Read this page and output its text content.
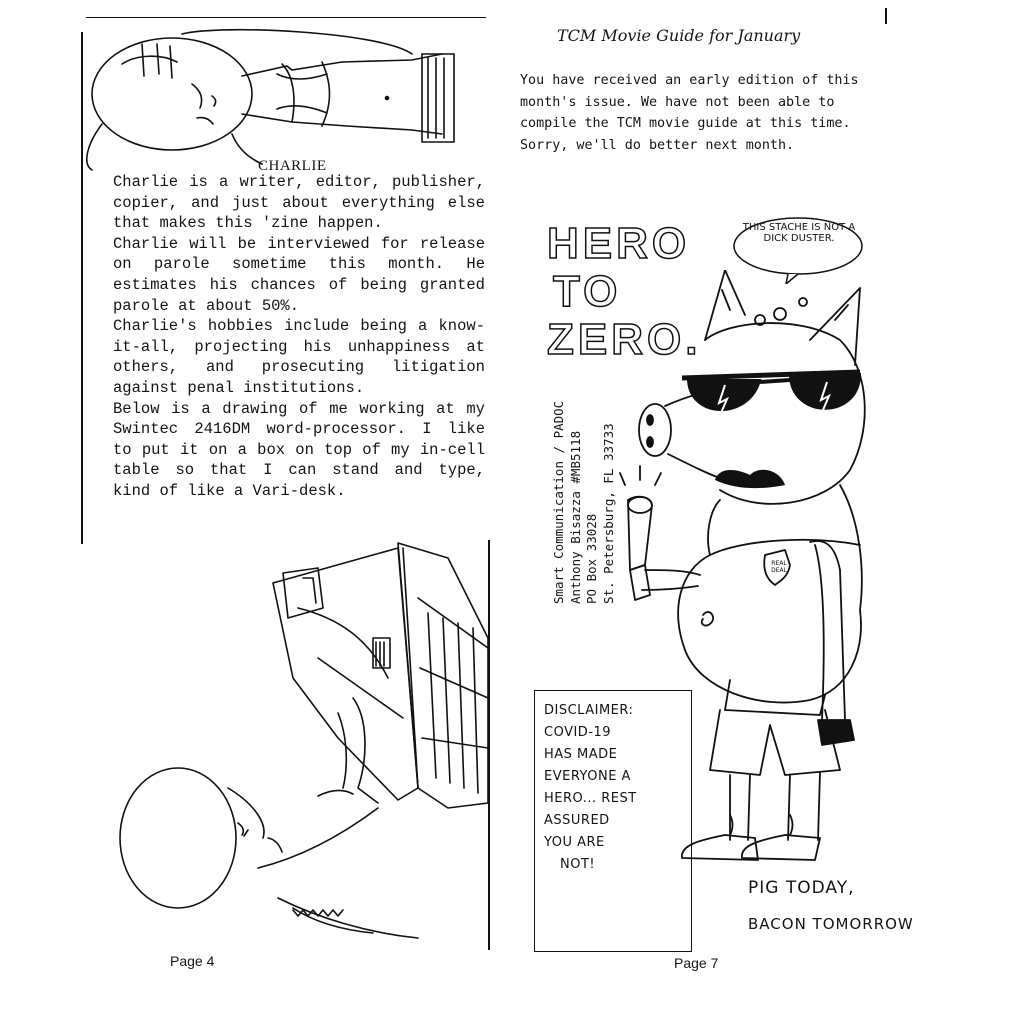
CHARLIE

Charlie is a writer, editor, publisher, copier, and just about everything else that makes this 'zine happen.

Charlie will be interviewed for release on parole sometime this month. He estimates his chances of being granted parole at about 50%.

Charlie's hobbies include being a know-it-all, projecting his unhappiness at others, and prosecuting litigation against penal institutions.

Below is a drawing of me working at my Swintec 2416DM word-processor. I like to put it on a box on top of my in-cell table so that I can stand and type, kind of like a Vari-desk.

Page 4
TCM Movie Guide for January
You have received an early edition of this month's issue. We have not been able to compile the TCM movie guide at this time. Sorry, we'll do better next month.
HERO
TO
ZERO.
Smart Communication / PADOC Anthony Bisazza #MB5118 PO Box 33028 St. Petersburg, FL 33733
THIS STACHE IS NOT A DICK DUSTER.
REAL DEAL
DISCLAIMER:
COVID-19
HAS MADE
EVERYONE A
HERO... REST
ASSURED
YOU ARE
NOT!
PIG TODAY,
BACON TOMORROW
Page 7
